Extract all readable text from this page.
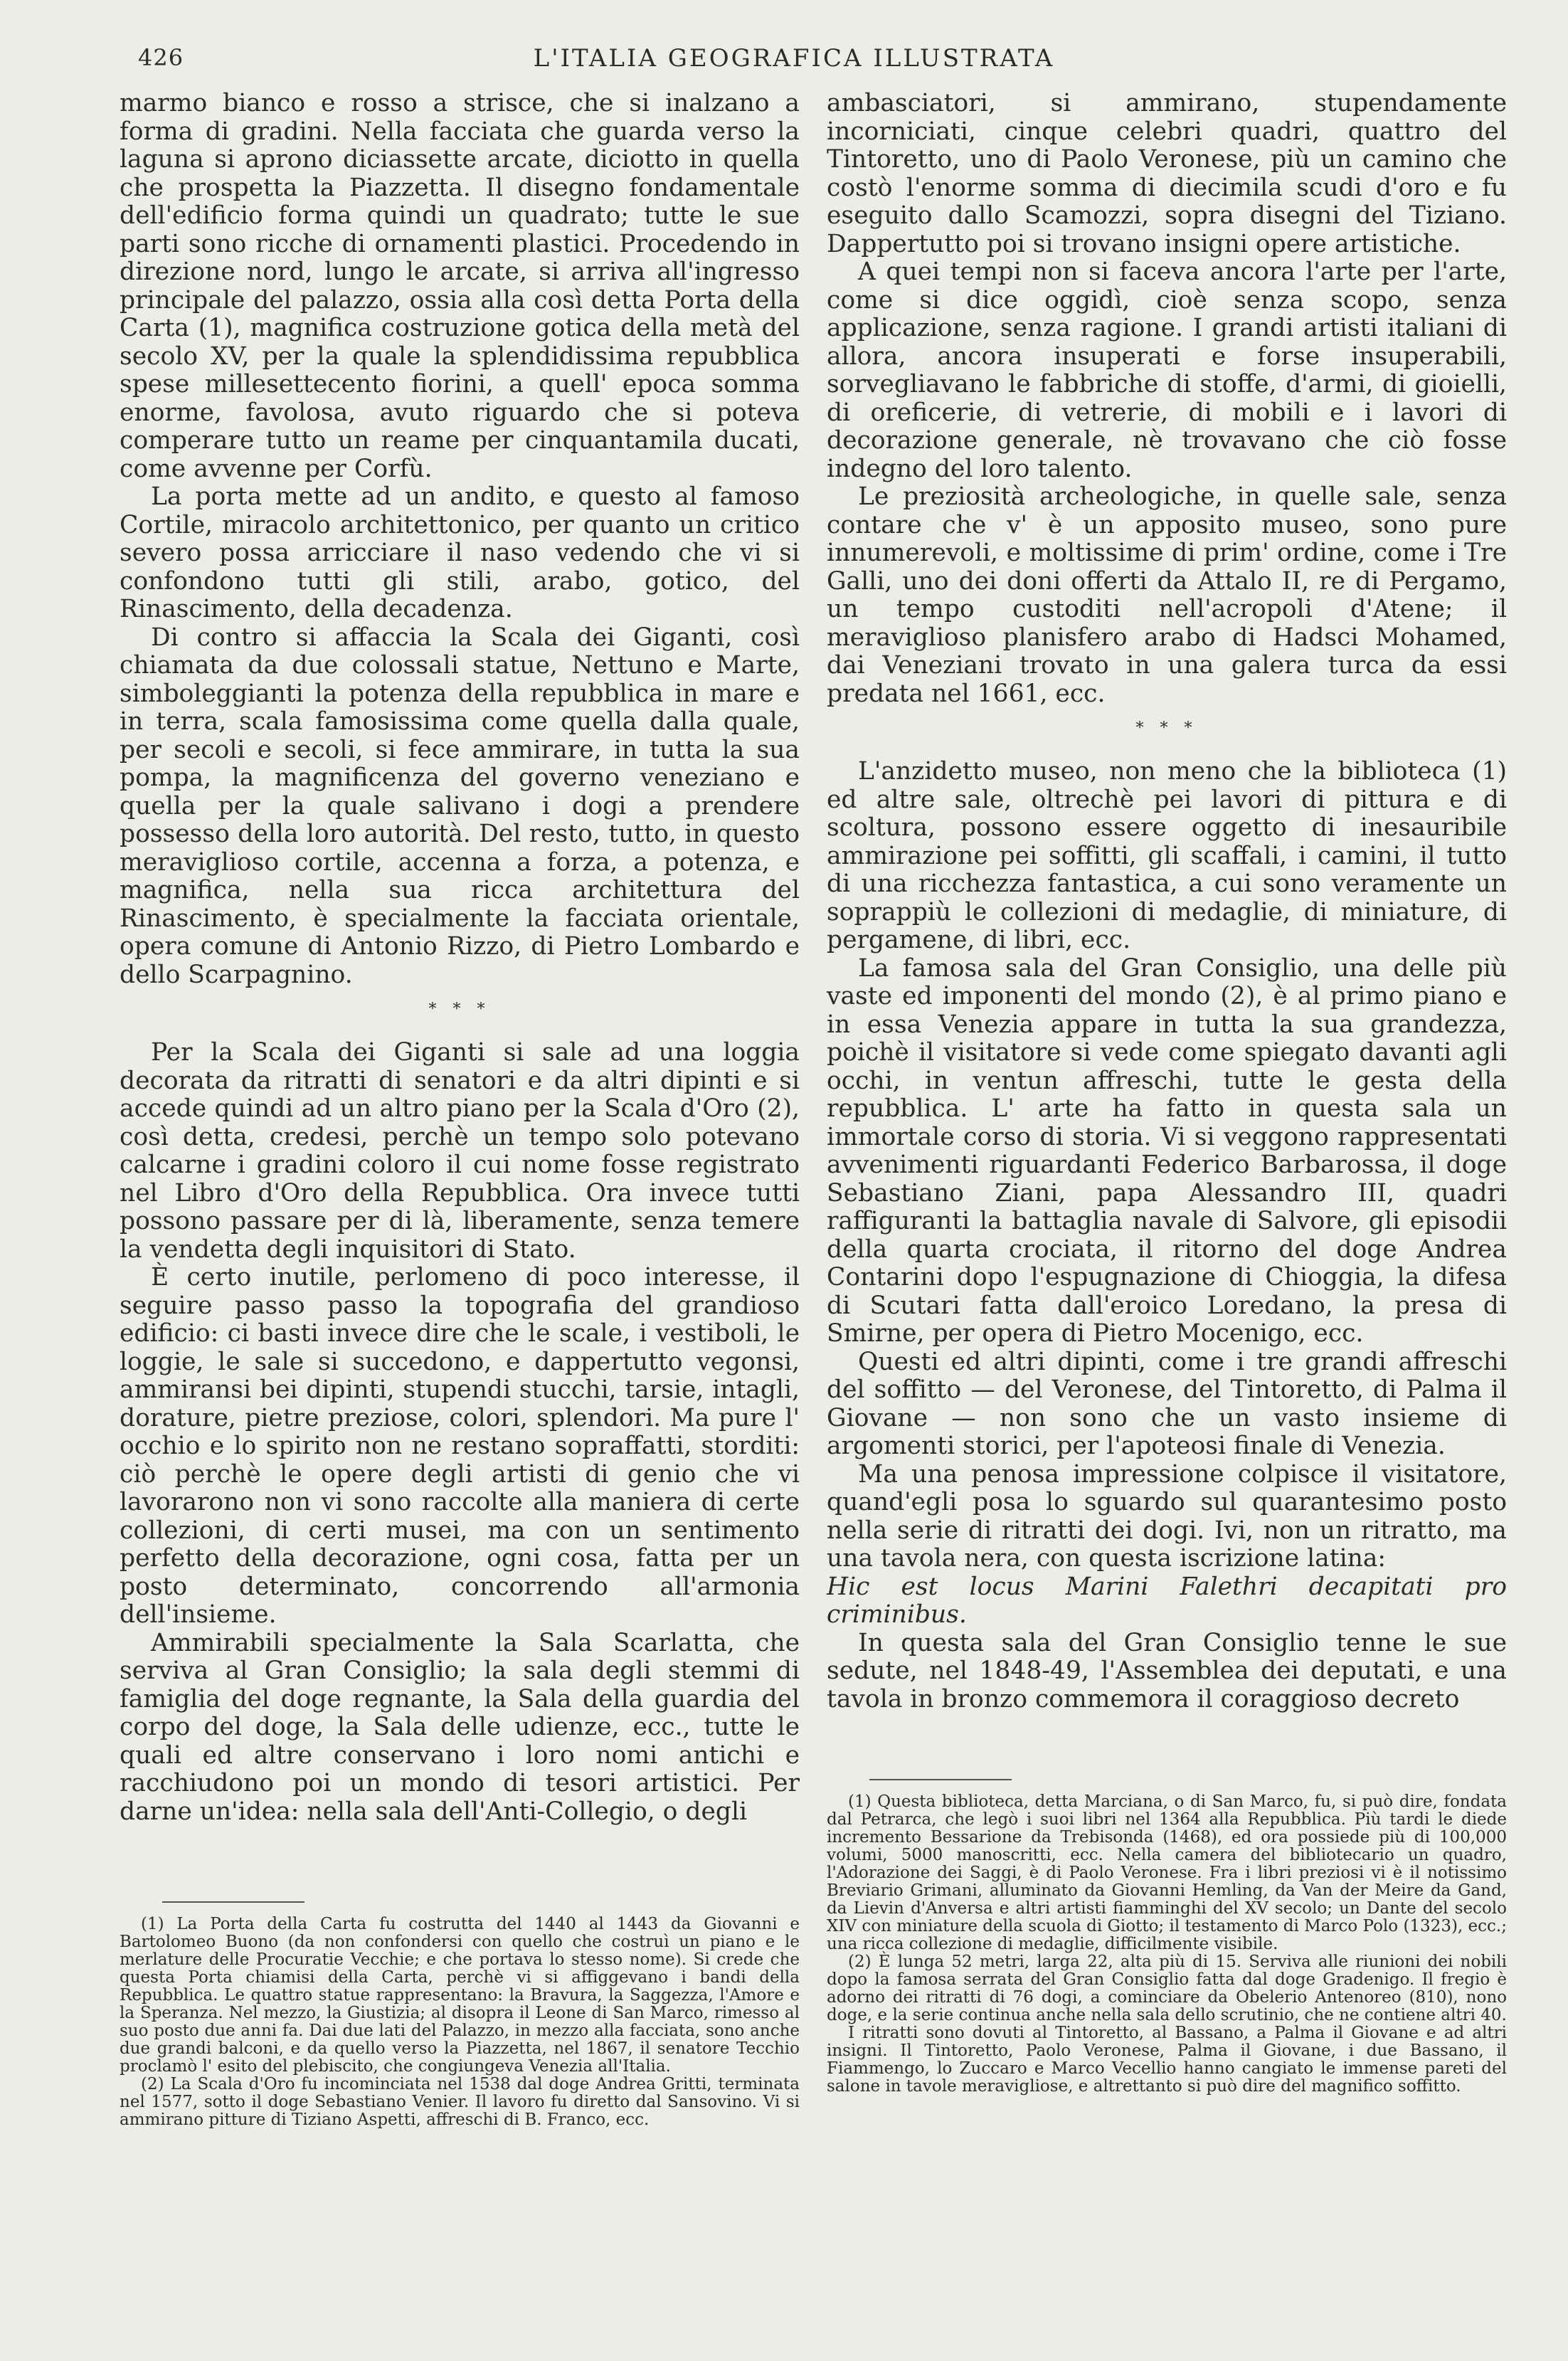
426	L'ITALIA GEOGRAFICA ILLUSTRATA

marmo bianco e rosso a strisce, che si inalzano a forma di gradini. Nella facciata che guarda verso la laguna si aprono diciassette arcate, diciotto in quella che prospetta la Piazzetta. Il disegno fondamentale dell'edificio forma quindi un quadrato; tutte le sue parti sono ricche di ornamenti plastici. Procedendo in direzione nord, lungo le arcate, si arriva all'ingresso principale del palazzo, ossia alla così detta Porta della Carta (1), magnifica costruzione gotica della metà del secolo XV, per la quale la splendidissima repubblica spese millesettecento fiorini, a quell' epoca somma enorme, favolosa, avuto riguardo che si poteva comperare tutto un reame per cinquantamila ducati, come avvenne per Corfù.

La porta mette ad un andito, e questo al famoso Cortile, miracolo architettonico, per quanto un critico severo possa arricciare il naso vedendo che vi si confondono tutti gli stili, arabo, gotico, del Rinascimento, della decadenza.

Di contro si affaccia la Scala dei Giganti, così chiamata da due colossali statue, Nettuno e Marte, simboleggianti la potenza della repubblica in mare e in terra, scala famosissima come quella dalla quale, per secoli e secoli, si fece ammirare, in tutta la sua pompa, la magnificenza del governo veneziano e quella per la quale salivano i dogi a prendere possesso della loro autorità. Del resto, tutto, in questo meraviglioso cortile, accenna a forza, a potenza, e magnifica, nella sua ricca architettura del Rinascimento, è specialmente la facciata orientale, opera comune di Antonio Rizzo, di Pietro Lombardo e dello Scarpagnino.

* * *

Per la Scala dei Giganti si sale ad una loggia decorata da ritratti di senatori e da altri dipinti e si accede quindi ad un altro piano per la Scala d'Oro (2), così detta, credesi, perchè un tempo solo potevano calcarne i gradini coloro il cui nome fosse registrato nel Libro d'Oro della Repubblica. Ora invece tutti possono passare per di là, liberamente, senza temere la vendetta degli inquisitori di Stato.

È certo inutile, perlomeno di poco interesse, il seguire passo passo la topografia del grandioso edificio: ci basti invece dire che le scale, i vestiboli, le loggie, le sale si succedono, e dappertutto vegonsi, ammiransi bei dipinti, stupendi stucchi, tarsie, intagli, dorature, pietre preziose, colori, splendori. Ma pure l' occhio e lo spirito non ne restano sopraffatti, storditi: ciò perchè le opere degli artisti di genio che vi lavorarono non vi sono raccolte alla maniera di certe collezioni, di certi musei, ma con un sentimento perfetto della decorazione, ogni cosa, fatta per un posto determinato, concorrendo all'armonia dell'insieme.

Ammirabili specialmente la Sala Scarlatta, che serviva al Gran Consiglio; la sala degli stemmi di famiglia del doge regnante, la Sala della guardia del corpo del doge, la Sala delle udienze, ecc., tutte le quali ed altre conservano i loro nomi antichi e racchiudono poi un mondo di tesori artistici. Per darne un'idea: nella sala dell'Anti-Collegio, o degli

ambasciatori, si ammirano, stupendamente incorniciati, cinque celebri quadri, quattro del Tintoretto, uno di Paolo Veronese, più un camino che costò l'enorme somma di diecimila scudi d'oro e fu eseguito dallo Scamozzi, sopra disegni del Tiziano. Dappertutto poi si trovano insigni opere artistiche.

A quei tempi non si faceva ancora l'arte per l'arte, come si dice oggidì, cioè senza scopo, senza applicazione, senza ragione. I grandi artisti italiani di allora, ancora insuperati e forse insuperabili, sorvegliavano le fabbriche di stoffe, d'armi, di gioielli, di oreficerie, di vetrerie, di mobili e i lavori di decorazione generale, nè trovavano che ciò fosse indegno del loro talento.

Le preziosità archeologiche, in quelle sale, senza contare che v' è un apposito museo, sono pure innumerevoli, e moltissime di prim' ordine, come i Tre Galli, uno dei doni offerti da Attalo II, re di Pergamo, un tempo custoditi nell'acropoli d'Atene; il meraviglioso planisfero arabo di Hadsci Mohamed, dai Veneziani trovato in una galera turca da essi predata nel 1661, ecc.

* * *

L'anzidetto museo, non meno che la biblioteca (1) ed altre sale, oltrechè pei lavori di pittura e di scoltura, possono essere oggetto di inesauribile ammirazione pei soffitti, gli scaffali, i camini, il tutto di una ricchezza fantastica, a cui sono veramente un soprappiù le collezioni di medaglie, di miniature, di pergamene, di libri, ecc.

La famosa sala del Gran Consiglio, una delle più vaste ed imponenti del mondo (2), è al primo piano e in essa Venezia appare in tutta la sua grandezza, poichè il visitatore si vede come spiegato davanti agli occhi, in ventun affreschi, tutte le gesta della repubblica. L' arte ha fatto in questa sala un immortale corso di storia. Vi si veggono rappresentati avvenimenti riguardanti Federico Barbarossa, il doge Sebastiano Ziani, papa Alessandro III, quadri raffiguranti la battaglia navale di Salvore, gli episodii della quarta crociata, il ritorno del doge Andrea Contarini dopo l'espugnazione di Chioggia, la difesa di Scutari fatta dall'eroico Loredano, la presa di Smirne, per opera di Pietro Mocenigo, ecc.

Questi ed altri dipinti, come i tre grandi affreschi del soffitto — del Veronese, del Tintoretto, di Palma il Giovane — non sono che un vasto insieme di argomenti storici, per l'apoteosi finale di Venezia.

Ma una penosa impressione colpisce il visitatore, quand'egli posa lo sguardo sul quarantesimo posto nella serie di ritratti dei dogi. Ivi, non un ritratto, ma una tavola nera, con questa iscrizione latina:

Hic est locus Marini Falethri decapitati pro criminibus.

In questa sala del Gran Consiglio tenne le sue sedute, nel 1848-49, l'Assemblea dei deputati, e una tavola in bronzo commemora il coraggioso decreto

(1) La Porta della Carta fu costrutta del 1440 al 1443 da Giovanni e Bartolomeo Buono (da non confondersi con quello che costruì un piano e le merlature delle Procuratie Vecchie; e che portava lo stesso nome). Si crede che questa Porta chiamisi della Carta, perchè vi si affiggevano i bandi della Repubblica. Le quattro statue rappresentano: la Bravura, la Saggezza, l'Amore e la Speranza. Nel mezzo, la Giustizia; al disopra il Leone di San Marco, rimesso al suo posto due anni fa. Dai due lati del Palazzo, in mezzo alla facciata, sono anche due grandi balconi, e da quello verso la Piazzetta, nel 1867, il senatore Tecchio proclamò l' esito del plebiscito, che congiungeva Venezia all'Italia.

(2) La Scala d'Oro fu incominciata nel 1538 dal doge Andrea Gritti, terminata nel 1577, sotto il doge Sebastiano Venier. Il lavoro fu diretto dal Sansovino. Vi si ammirano pitture di Tiziano Aspetti, affreschi di B. Franco, ecc.

(1) Questa biblioteca, detta Marciana, o di San Marco, fu, si può dire, fondata dal Petrarca, che legò i suoi libri nel 1364 alla Repubblica. Più tardi le diede incremento Bessarione da Trebisonda (1468), ed ora possiede più di 100,000 volumi, 5000 manoscritti, ecc. Nella camera del bibliotecario un quadro, l'Adorazione dei Saggi, è di Paolo Veronese. Fra i libri preziosi vi è il notissimo Breviario Grimani, alluminato da Giovanni Hemling, da Van der Meire da Gand, da Lievin d'Anversa e altri artisti fiamminghi del XV secolo; un Dante del secolo XIV con miniature della scuola di Giotto; il testamento di Marco Polo (1323), ecc.; una ricca collezione di medaglie, difficilmente visibile.

(2) È lunga 52 metri, larga 22, alta più di 15. Serviva alle riunioni dei nobili dopo la famosa serrata del Gran Consiglio fatta dal doge Gradenigo. Il fregio è adorno dei ritratti di 76 dogi, a cominciare da Obelerio Antenoreo (810), nono doge, e la serie continua anche nella sala dello scrutinio, che ne contiene altri 40.

I ritratti sono dovuti al Tintoretto, al Bassano, a Palma il Giovane e ad altri insigni. Il Tintoretto, Paolo Veronese, Palma il Giovane, i due Bassano, il Fiammengo, lo Zuccaro e Marco Vecellio hanno cangiato le immense pareti del salone in tavole meravigliose, e altrettanto si può dire del magnifico soffitto.
